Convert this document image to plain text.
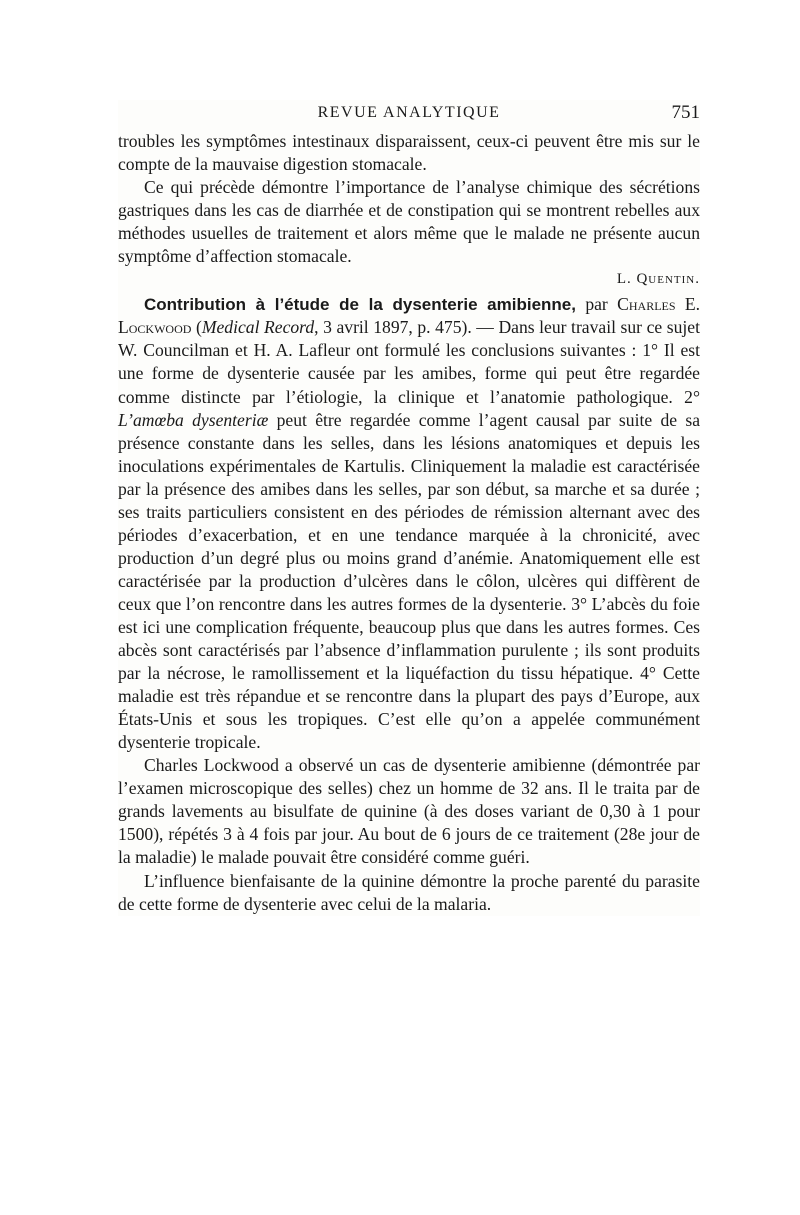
REVUE ANALYTIQUE	751

troubles les symptômes intestinaux disparaissent, ceux-ci peuvent être mis sur le compte de la mauvaise digestion stomacale.

Ce qui précède démontre l’importance de l’analyse chimique des sécrétions gastriques dans les cas de diarrhée et de constipation qui se montrent rebelles aux méthodes usuelles de traitement et alors même que le malade ne présente aucun symptôme d’affection stomacale.

L. Quentin.

Contribution à l’étude de la dysenterie amibienne, par Charles E. Lockwood (Medical Record, 3 avril 1897, p. 475). — Dans leur travail sur ce sujet W. Councilman et H. A. Lafleur ont formulé les conclusions suivantes : 1° Il est une forme de dysenterie causée par les amibes, forme qui peut être regardée comme distincte par l’étiologie, la clinique et l’anatomie pathologique. 2° L’amœba dysenteriæ peut être regardée comme l’agent causal par suite de sa présence constante dans les selles, dans les lésions anatomiques et depuis les inoculations expérimentales de Kartulis. Cliniquement la maladie est caractérisée par la présence des amibes dans les selles, par son début, sa marche et sa durée ; ses traits particuliers consistent en des périodes de rémission alternant avec des périodes d’exacerbation, et en une tendance marquée à la chronicité, avec production d’un degré plus ou moins grand d’anémie. Anatomiquement elle est caractérisée par la production d’ulcères dans le côlon, ulcères qui diffèrent de ceux que l’on rencontre dans les autres formes de la dysenterie. 3° L’abcès du foie est ici une complication fréquente, beaucoup plus que dans les autres formes. Ces abcès sont caractérisés par l’absence d’inflammation purulente ; ils sont produits par la nécrose, le ramollissement et la liquéfaction du tissu hépatique. 4° Cette maladie est très répandue et se rencontre dans la plupart des pays d’Europe, aux États-Unis et sous les tropiques. C’est elle qu’on a appelée communément dysenterie tropicale.

Charles Lockwood a observé un cas de dysenterie amibienne (démontrée par l’examen microscopique des selles) chez un homme de 32 ans. Il le traita par de grands lavements au bisulfate de quinine (à des doses variant de 0,30 à 1 pour 1500), répétés 3 à 4 fois par jour. Au bout de 6 jours de ce traitement (28e jour de la maladie) le malade pouvait être considéré comme guéri.

L’influence bienfaisante de la quinine démontre la proche parenté du parasite de cette forme de dysenterie avec celui de la malaria.
